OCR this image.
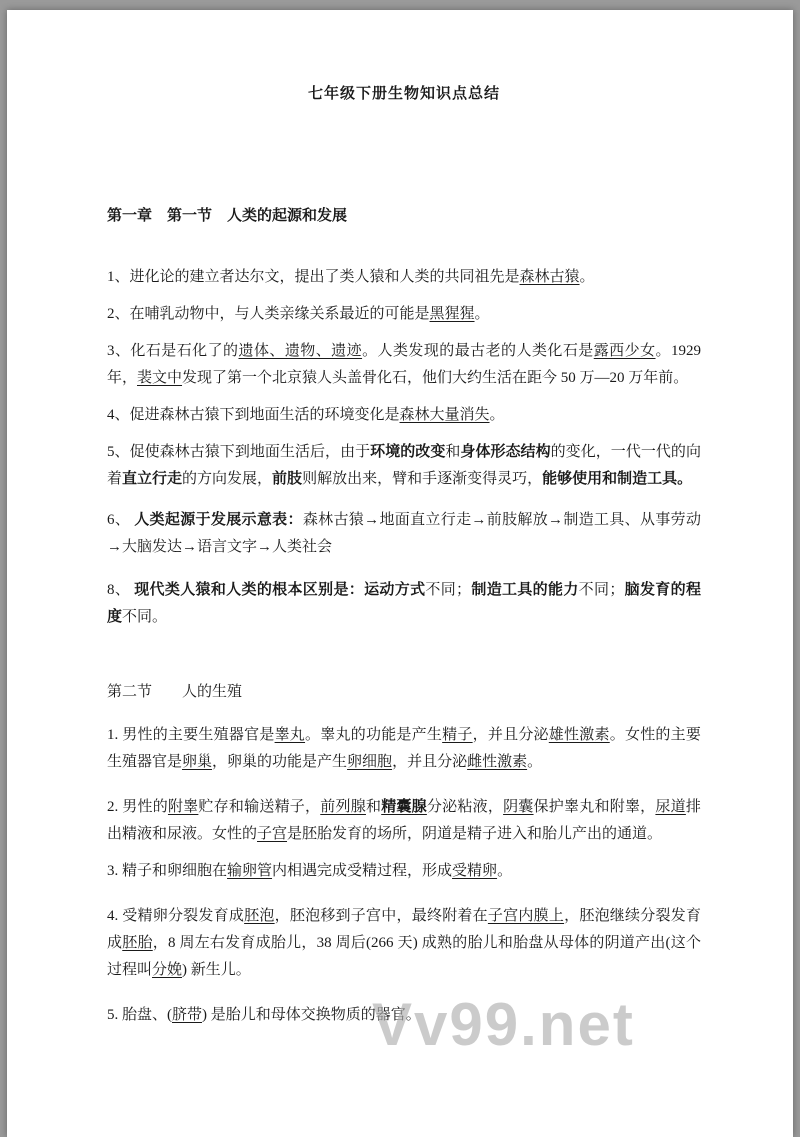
七年级下册生物知识点总结
第一章　第一节　人类的起源和发展

1、进化论的建立者达尔文，提出了类人猿和人类的共同祖先是森林古猿。

2、在哺乳动物中，与人类亲缘关系最近的可能是黑猩猩。

3、化石是石化了的遗体、遗物、遗迹。人类发现的最古老的人类化石是露西少女。1929年，裴文中发现了第一个北京猿人头盖骨化石，他们大约生活在距今 50 万—20 万年前。

4、促进森林古猿下到地面生活的环境变化是森林大量消失。

5、促使森林古猿下到地面生活后，由于环境的改变和身体形态结构的变化，一代一代的向着直立行走的方向发展，前肢则解放出来，臂和手逐渐变得灵巧，能够使用和制造工具。

6、 人类起源于发展示意表：森林古猿→地面直立行走→前肢解放→制造工具、从事劳动→大脑发达→语言文字→人类社会

8、 现代类人猿和人类的根本区别是：运动方式不同；制造工具的能力不同；脑发育的程度不同。

第二节　　人的生殖

1. 男性的主要生殖器官是睾丸。睾丸的功能是产生精子，并且分泌雄性激素。女性的主要生殖器官是卵巢，卵巢的功能是产生卵细胞，并且分泌雌性激素。

2. 男性的附睾贮存和输送精子，前列腺和精囊腺分泌粘液，阴囊保护睾丸和附睾，尿道排出精液和尿液。女性的子宫是胚胎发育的场所，阴道是精子进入和胎儿产出的通道。

3. 精子和卵细胞在输卵管内相遇完成受精过程，形成受精卵。

4. 受精卵分裂发育成胚泡，胚泡移到子宫中，最终附着在子宫内膜上，胚泡继续分裂发育成胚胎，8 周左右发育成胎儿，38 周后(266 天) 成熟的胎儿和胎盘从母体的阴道产出(这个过程叫分娩) 新生儿。

5. 胎盘、(脐带) 是胎儿和母体交换物质的器官。

Vv99.net
